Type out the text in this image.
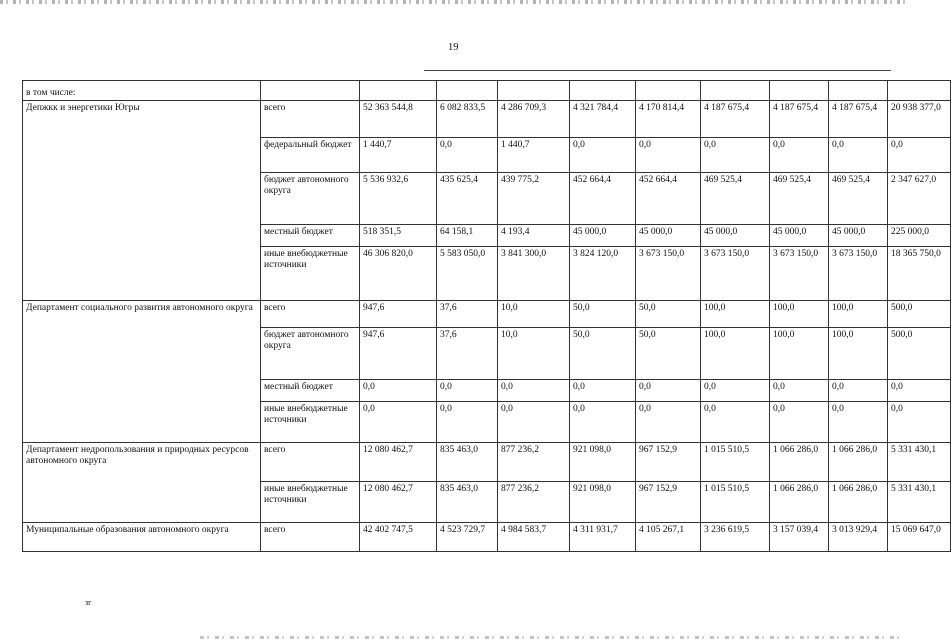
19
в том числе:										
Депжкк и энергетики Югры	всего	52 363 544,8	6 082 833,5	4 286 709,3	4 321 784,4	4 170 814,4	4 187 675,4	4 187 675,4	4 187 675,4	20 938 377,0
	федеральный бюджет	1 440,7	0,0	1 440,7	0,0	0,0	0,0	0,0	0,0	0,0
	бюджет автономного округа	5 536 932,6	435 625,4	439 775,2	452 664,4	452 664,4	469 525,4	469 525,4	469 525,4	2 347 627,0
	местный бюджет	518 351,5	64 158,1	4 193,4	45 000,0	45 000,0	45 000,0	45 000,0	45 000,0	225 000,0
	иные внебюджетные источники	46 306 820,0	5 583 050,0	3 841 300,0	3 824 120,0	3 673 150,0	3 673 150,0	3 673 150,0	3 673 150,0	18 365 750,0
Департамент социального развития автономного округа	всего	947,6	37,6	10,0	50,0	50,0	100,0	100,0	100,0	500,0
	бюджет автономного округа	947,6	37,6	10,0	50,0	50,0	100,0	100,0	100,0	500,0
	местный бюджет	0,0	0,0	0,0	0,0	0,0	0,0	0,0	0,0	0,0
	иные внебюджетные источники	0,0	0,0	0,0	0,0	0,0	0,0	0,0	0,0	0,0
Департамент недропользования и природных ресурсов автономного округа	всего	12 080 462,7	835 463,0	877 236,2	921 098,0	967 152,9	1 015 510,5	1 066 286,0	1 066 286,0	5 331 430,1
	иные внебюджетные источники	12 080 462,7	835 463,0	877 236,2	921 098,0	967 152,9	1 015 510,5	1 066 286,0	1 066 286,0	5 331 430,1
Муниципальные образования автономного округа	всего	42 402 747,5	4 523 729,7	4 984 583,7	4 311 931,7	4 105 267,1	3 236 619,5	3 157 039,4	3 013 929,4	15 069 647,0
зг
